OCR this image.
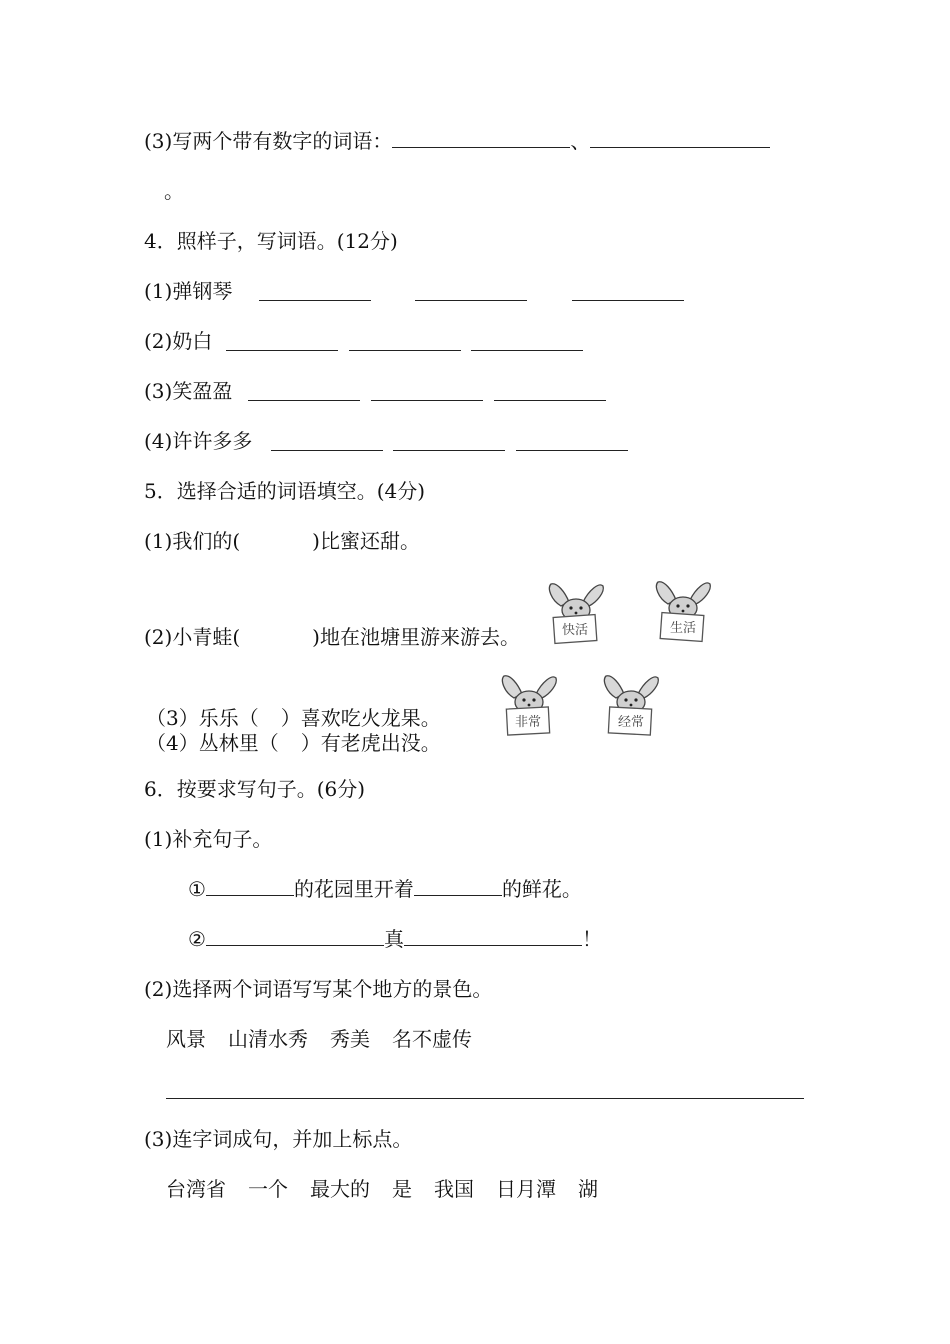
(3)写两个带有数字的词语：	、
。
4．照样子，写词语。(12分)
(1)弹钢琴
(2)奶白
(3)笑盈盈
(4)许许多多
5．选择合适的词语填空。(4分)
(1)我们的(	)比蜜还甜。
(2)小青蛙(	)地在池塘里游来游去。
（3）乐乐（ ）喜欢吃火龙果。
（4）丛林里（ ）有老虎出没。
快活	生活
非常	经常
6．按要求写句子。(6分)
(1)补充句子。
①	的花园里开着	的鲜花。
②	真	！
(2)选择两个词语写写某个地方的景色。
风景 山清水秀 秀美 名不虚传
(3)连字词成句，并加上标点。
台湾省 一个 最大的 是 我国 日月潭 湖
